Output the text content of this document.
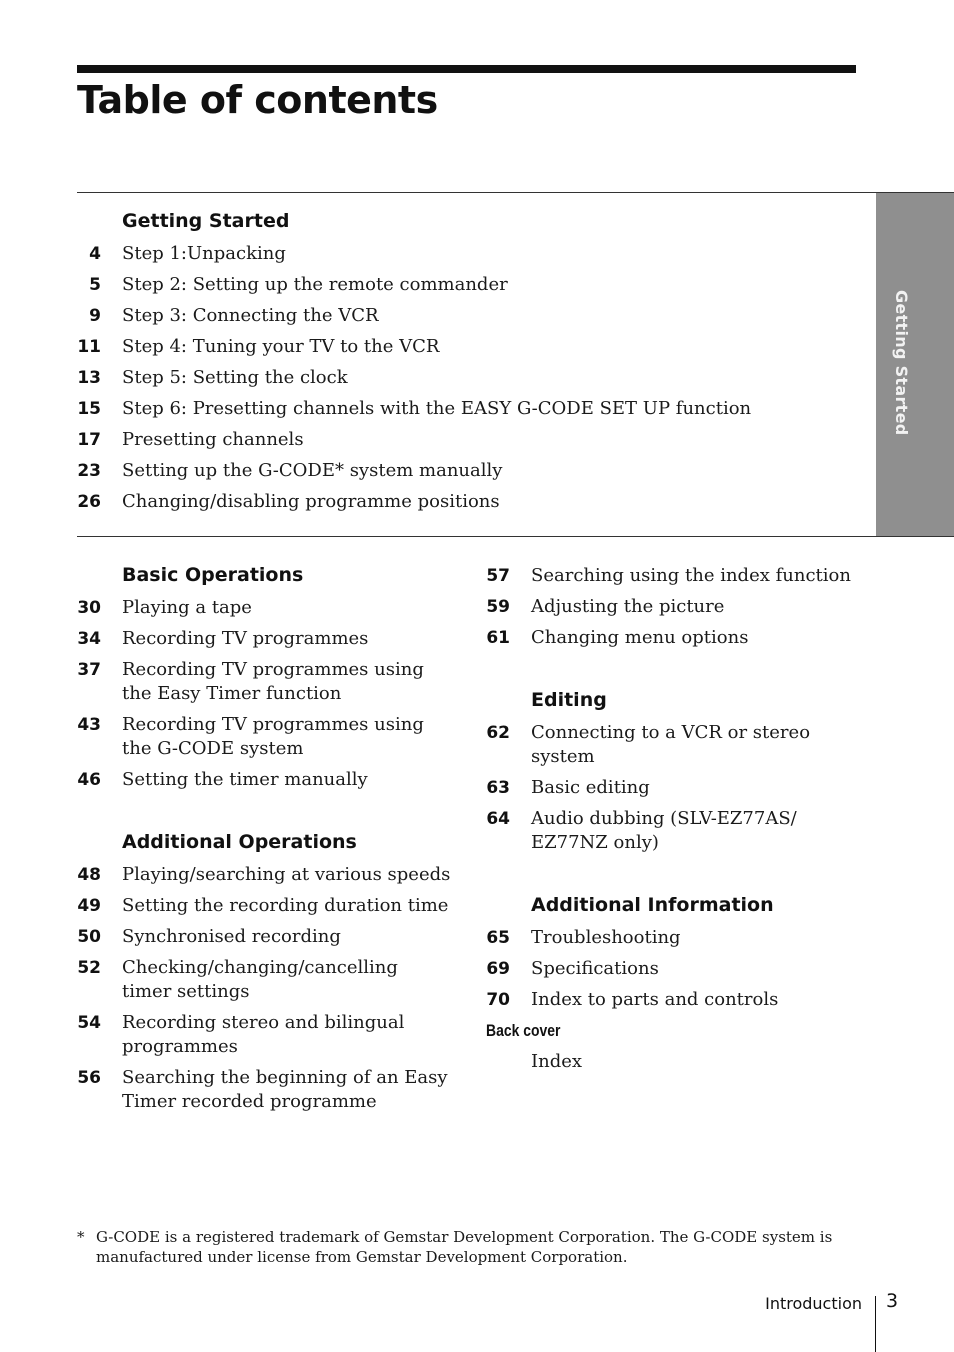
Table of contents
Getting Started
Getting Started
4	Step 1:Unpacking
5	Step 2: Setting up the remote commander
9	Step 3: Connecting the VCR
11	Step 4: Tuning your TV to the VCR
13	Step 5: Setting the clock
15	Step 6: Presetting channels with the EASY G-CODE SET UP function
17	Presetting channels
23	Setting up the G-CODE* system manually
26	Changing/disabling programme positions
Basic Operations
30	Playing a tape
34	Recording TV programmes
37	Recording TV programmes using the Easy Timer function
43	Recording TV programmes using the G-CODE system
46	Setting the timer manually
Additional Operations
48	Playing/searching at various speeds
49	Setting the recording duration time
50	Synchronised recording
52	Checking/changing/cancelling timer settings
54	Recording stereo and bilingual programmes
56	Searching the beginning of an Easy Timer recorded programme
57	Searching using the index function
59	Adjusting the picture
61	Changing menu options
Editing
62	Connecting to a VCR or stereo system
63	Basic editing
64	Audio dubbing (SLV-EZ77AS/ EZ77NZ only)
Additional Information
65	Troubleshooting
69	Specifications
70	Index to parts and controls
Back cover
Index
* G-CODE is a registered trademark of Gemstar Development Corporation. The G-CODE system is manufactured under license from Gemstar Development Corporation.
Introduction 3
